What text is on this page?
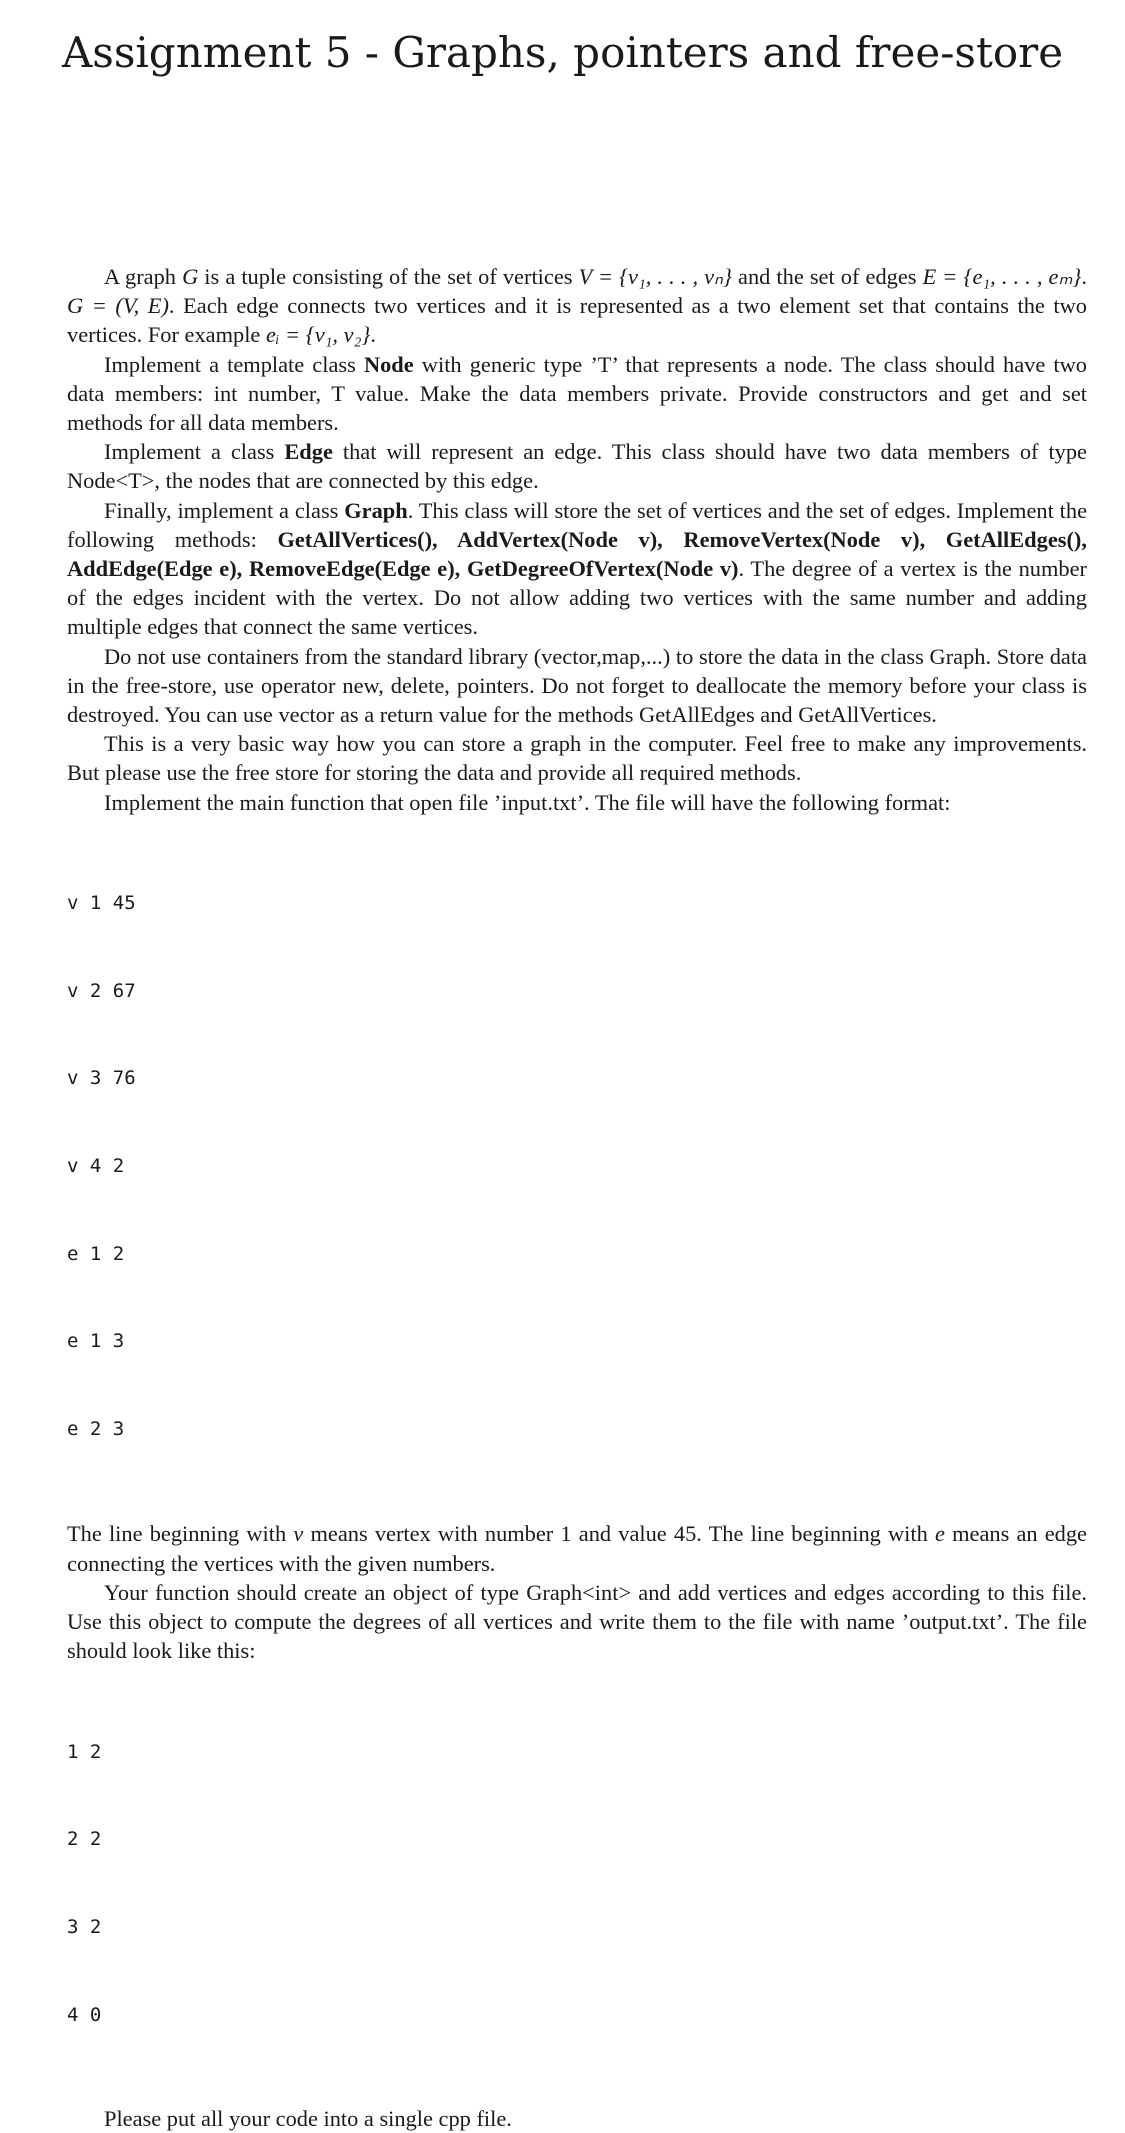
Assignment 5 - Graphs, pointers and free-store

A graph G is a tuple consisting of the set of vertices V = {v₁, . . . , vₙ} and the set of edges E = {e₁, . . . , eₘ}. G = (V, E). Each edge connects two vertices and it is represented as a two element set that contains the two vertices. For example eᵢ = {v₁, v₂}.

Implement a template class Node with generic type ’T’ that represents a node. The class should have two data members: int number, T value. Make the data members private. Provide constructors and get and set methods for all data members.

Implement a class Edge that will represent an edge. This class should have two data members of type Node<T>, the nodes that are connected by this edge.

Finally, implement a class Graph. This class will store the set of vertices and the set of edges. Implement the following methods: GetAllVertices(), AddVertex(Node v), RemoveVertex(Node v), GetAllEdges(), AddEdge(Edge e), RemoveEdge(Edge e), GetDegreeOfVertex(Node v). The degree of a vertex is the number of the edges incident with the vertex. Do not allow adding two vertices with the same number and adding multiple edges that connect the same vertices.

Do not use containers from the standard library (vector,map,...) to store the data in the class Graph. Store data in the free-store, use operator new, delete, pointers. Do not forget to deallocate the memory before your class is destroyed. You can use vector as a return value for the methods GetAllEdges and GetAllVertices.

This is a very basic way how you can store a graph in the computer. Feel free to make any improvements. But please use the free store for storing the data and provide all required methods.

Implement the main function that open file ’input.txt’. The file will have the following format:

v 1 45

v 2 67

v 3 76

v 4 2

e 1 2

e 1 3

e 2 3

The line beginning with v means vertex with number 1 and value 45. The line beginning with e means an edge connecting the vertices with the given numbers.

Your function should create an object of type Graph<int> and add vertices and edges according to this file. Use this object to compute the degrees of all vertices and write them to the file with name ’output.txt’. The file should look like this:

1 2

2 2

3 2

4 0

Please put all your code into a single cpp file.
